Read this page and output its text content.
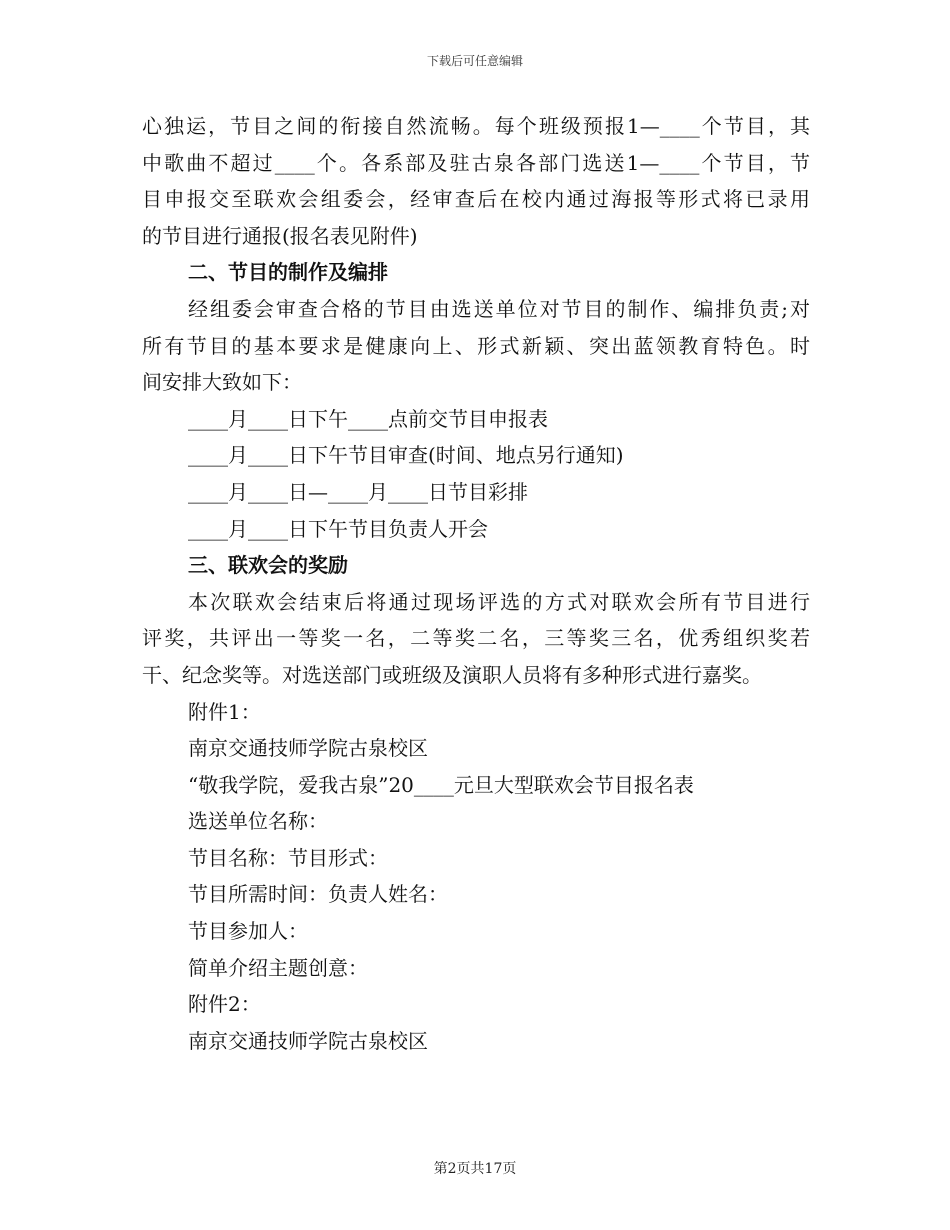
下载后可任意编辑
心独运，节目之间的衔接自然流畅。每个班级预报1—____个节目，其
中歌曲不超过____个。各系部及驻古泉各部门选送1—____个节目，节
目申报交至联欢会组委会，经审查后在校内通过海报等形式将已录用
的节目进行通报(报名表见附件)
二、节目的制作及编排
经组委会审查合格的节目由选送单位对节目的制作、编排负责;对
所有节目的基本要求是健康向上、形式新颖、突出蓝领教育特色。时
间安排大致如下：
____月____日下午____点前交节目申报表
____月____日下午节目审查(时间、地点另行通知)
____月____日—____月____日节目彩排
____月____日下午节目负责人开会
三、联欢会的奖励
本次联欢会结束后将通过现场评选的方式对联欢会所有节目进行
评奖，共评出一等奖一名，二等奖二名，三等奖三名，优秀组织奖若
干、纪念奖等。对选送部门或班级及演职人员将有多种形式进行嘉奖。
附件1：
南京交通技师学院古泉校区
“敬我学院，爱我古泉”20____元旦大型联欢会节目报名表
选送单位名称：
节目名称：节目形式：
节目所需时间：负责人姓名：
节目参加人：
简单介绍主题创意：
附件2：
南京交通技师学院古泉校区
第2页共17页
